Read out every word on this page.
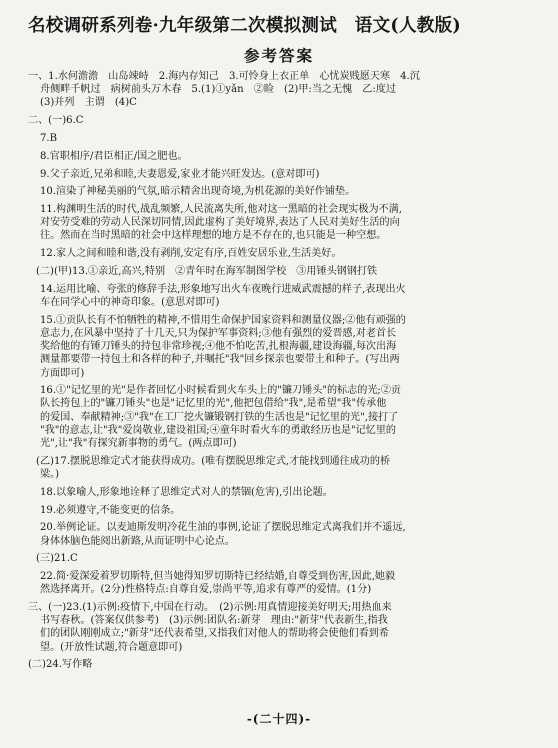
名校调研系列卷·九年级第二次模拟测试　语文(人教版)
参考答案
一、1.水何澹澹　山岛竦峙　2.海内存知己　3.可怜身上衣正单　心忧炭贱愿天寒　4.沉
舟侧畔千帆过　病树前头万木春　5.(1)①yǎn　②睑　(2)甲:当之无愧　乙:度过
(3)并列　主谓　(4)C
二、(一)6.C
7.B
8.官职相序/君臣相正/国之肥也。
9.父子亲近,兄弟和睦,夫妻恩爱,家业才能兴旺发达。(意对即可)
10.渲染了神秘美丽的气氛,暗示精舍出现奇境,为机花源的美好作铺垫。
11.构渊明生活的时代,战乱频繁,人民流离失所,他对这一黑暗的社会现实极为不满,
对安劳受难的劳动人民深切同情,因此虚构了美好境界,表达了人民对美好生活的向
往。然而在当时黑暗的社会中这样理想的地方是不存在的,也只能是一种空想。
12.家人之间和睦和谐,没有剥削,安定有序,百姓安居乐业,生活美好。
(二)(甲)13.①亲近,高兴,特别　②青年时在海军制图学校　③用锤头钢钢打铁
14.运用比喻、夸张的修辞手法,形象地写出火车夜晚行进威武震撼的样子,表现出火
车在同学心中的神奇印象。(意思对即可)
15.①贡队长有不怕牺牲的精神,不惜用生命保护国家资料和测量仪器;②他有顽强的
意志力,在风暴中坚持了十几天,只为保护军事资料;③他有强烈的爱晋感,对老首长
奖给他的有锤刀锤头的持包非常珍视;④他不怕吃苦,扎根海疆,建设海疆,每次出海
测量都要带一持包土和各样的种子,并嘱托"我"回乡探亲也要带土和种子。(写出两
方面即可)
16.①"记忆里的光"是作者回忆小时候看到火车头上的"镰刀锤头"的标志的光;②贡
队长挎包上的"镰刀锤头"也是"记忆里的光",他把包借给"我",是希望"我"传承他
的爱国、奉献精神;③"我"在工厂挖火镰锻钢打铁的生活也是"记忆里的光",接打了
"我"的意志,让"我"爱岗敬业,建设祖国;④童年时看火车的勇敢经历也是"记忆里的
光",让"我"有探究新事物的勇气。(两点即可)
(乙)17.摆脱思维定式才能获得成功。(唯有摆脱思维定式,才能找到通往成功的桥
梁。)
18.以象喻人,形象地诠释了思维定式对人的禁锢(危害),引出论题。
19.必须遵守,不能变更的信条。
20.举例论证。以麦迪斯发明冷花生油的事例,论证了摆脱思维定式离我们并不遥远,
身体体脑色能阅出新路,从而证明中心论点。
(三)21.C
22.简·爱深爱着罗切斯特,但当她得知罗切斯特已经结婚,自尊受到伤害,因此,她毅
然选择离开。(2分)性格特点:自尊自爱,崇尚平等,追求有尊严的爱情。(1分)
三、(一)23.(1)示例:疫情下,中国在行动。　(2)示例:用真情迎接美好明天;用热血来
书写春秋。(答案仅供参考)　(3)示例:团队名:新芽　理由:"新芽"代表新生,指我
们的团队刚刚成立;"新芽"还代表希望,又指我们对他人的帮助将会使他们看到希
望。(开放性试题,符合题意即可)
(二)24.写作略
-(二十四)-
